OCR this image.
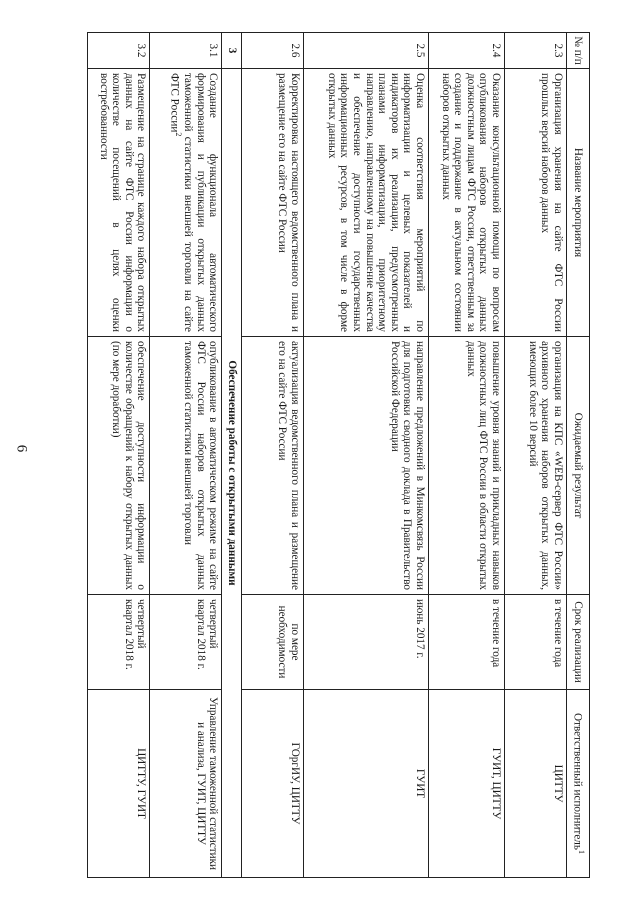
6
№ п/п	Название мероприятия	Ожидаемый результат	Срок реализации	Ответственный исполнитель$^1$
2.3	Организация хранения на сайте ФТС России прошлых версий наборов данных	организация на КПС «WEB-сервер ФТС России» архивного хранения наборов открытых данных, имеющих более 10 версий	в течение года	ЦИТТУ
2.4	Оказание консультационной помощи по вопросам опубликования наборов открытых данных должностным лицам ФТС России, ответственным за создание и поддержание в актуальном состоянии наборов открытых данных	повышение уровня знаний и прикладных навыков должностных лиц ФТС России в области открытых данных	в течение года	ГУИТ, ЦИТТУ
2.5	Оценка соответствия мероприятий по информатизации и целевых показателей и индикаторов их реализации, предусмотренных планами информатизации, приоритетному направлению, направленному на повышение качества и обеспечение доступности государственных информационных ресурсов, в том числе в форме открытых данных	направление предложений в Минкомсвязь России для подготовки сводного доклада в Правительство Российской Федерации	июнь 2017 г.	ГУИТ
2.6	Корректировка настоящего ведомственного плана и размещение его на сайте ФТС России	актуализация ведомственного плана и размещение его на сайте ФТС России	по мере необходимости	ГОргИУ, ЦИТТУ
3	Обеспечение работы с открытыми данными			
3.1	Создание функционала автоматического формирования и публикации открытых данных таможенной статистики внешней торговли на сайте ФТС России$^2$	опубликование в автоматическом режиме на сайте ФТС России наборов открытых данных таможенной статистики внешней торговли	четвертый квартал 2018 г.	Управление таможенной статистики и анализа, ГУИТ, ЦИТТУ
3.2	Размещение на странице каждого набора открытых данных на сайте ФТС России информации о количестве посещений в целях оценки востребованности	обеспечение доступности информации о количестве обращений к набору открытых данных (по мере доработки)	четвертый квартал 2018 г.	ЦИТТУ, ГУИТ
